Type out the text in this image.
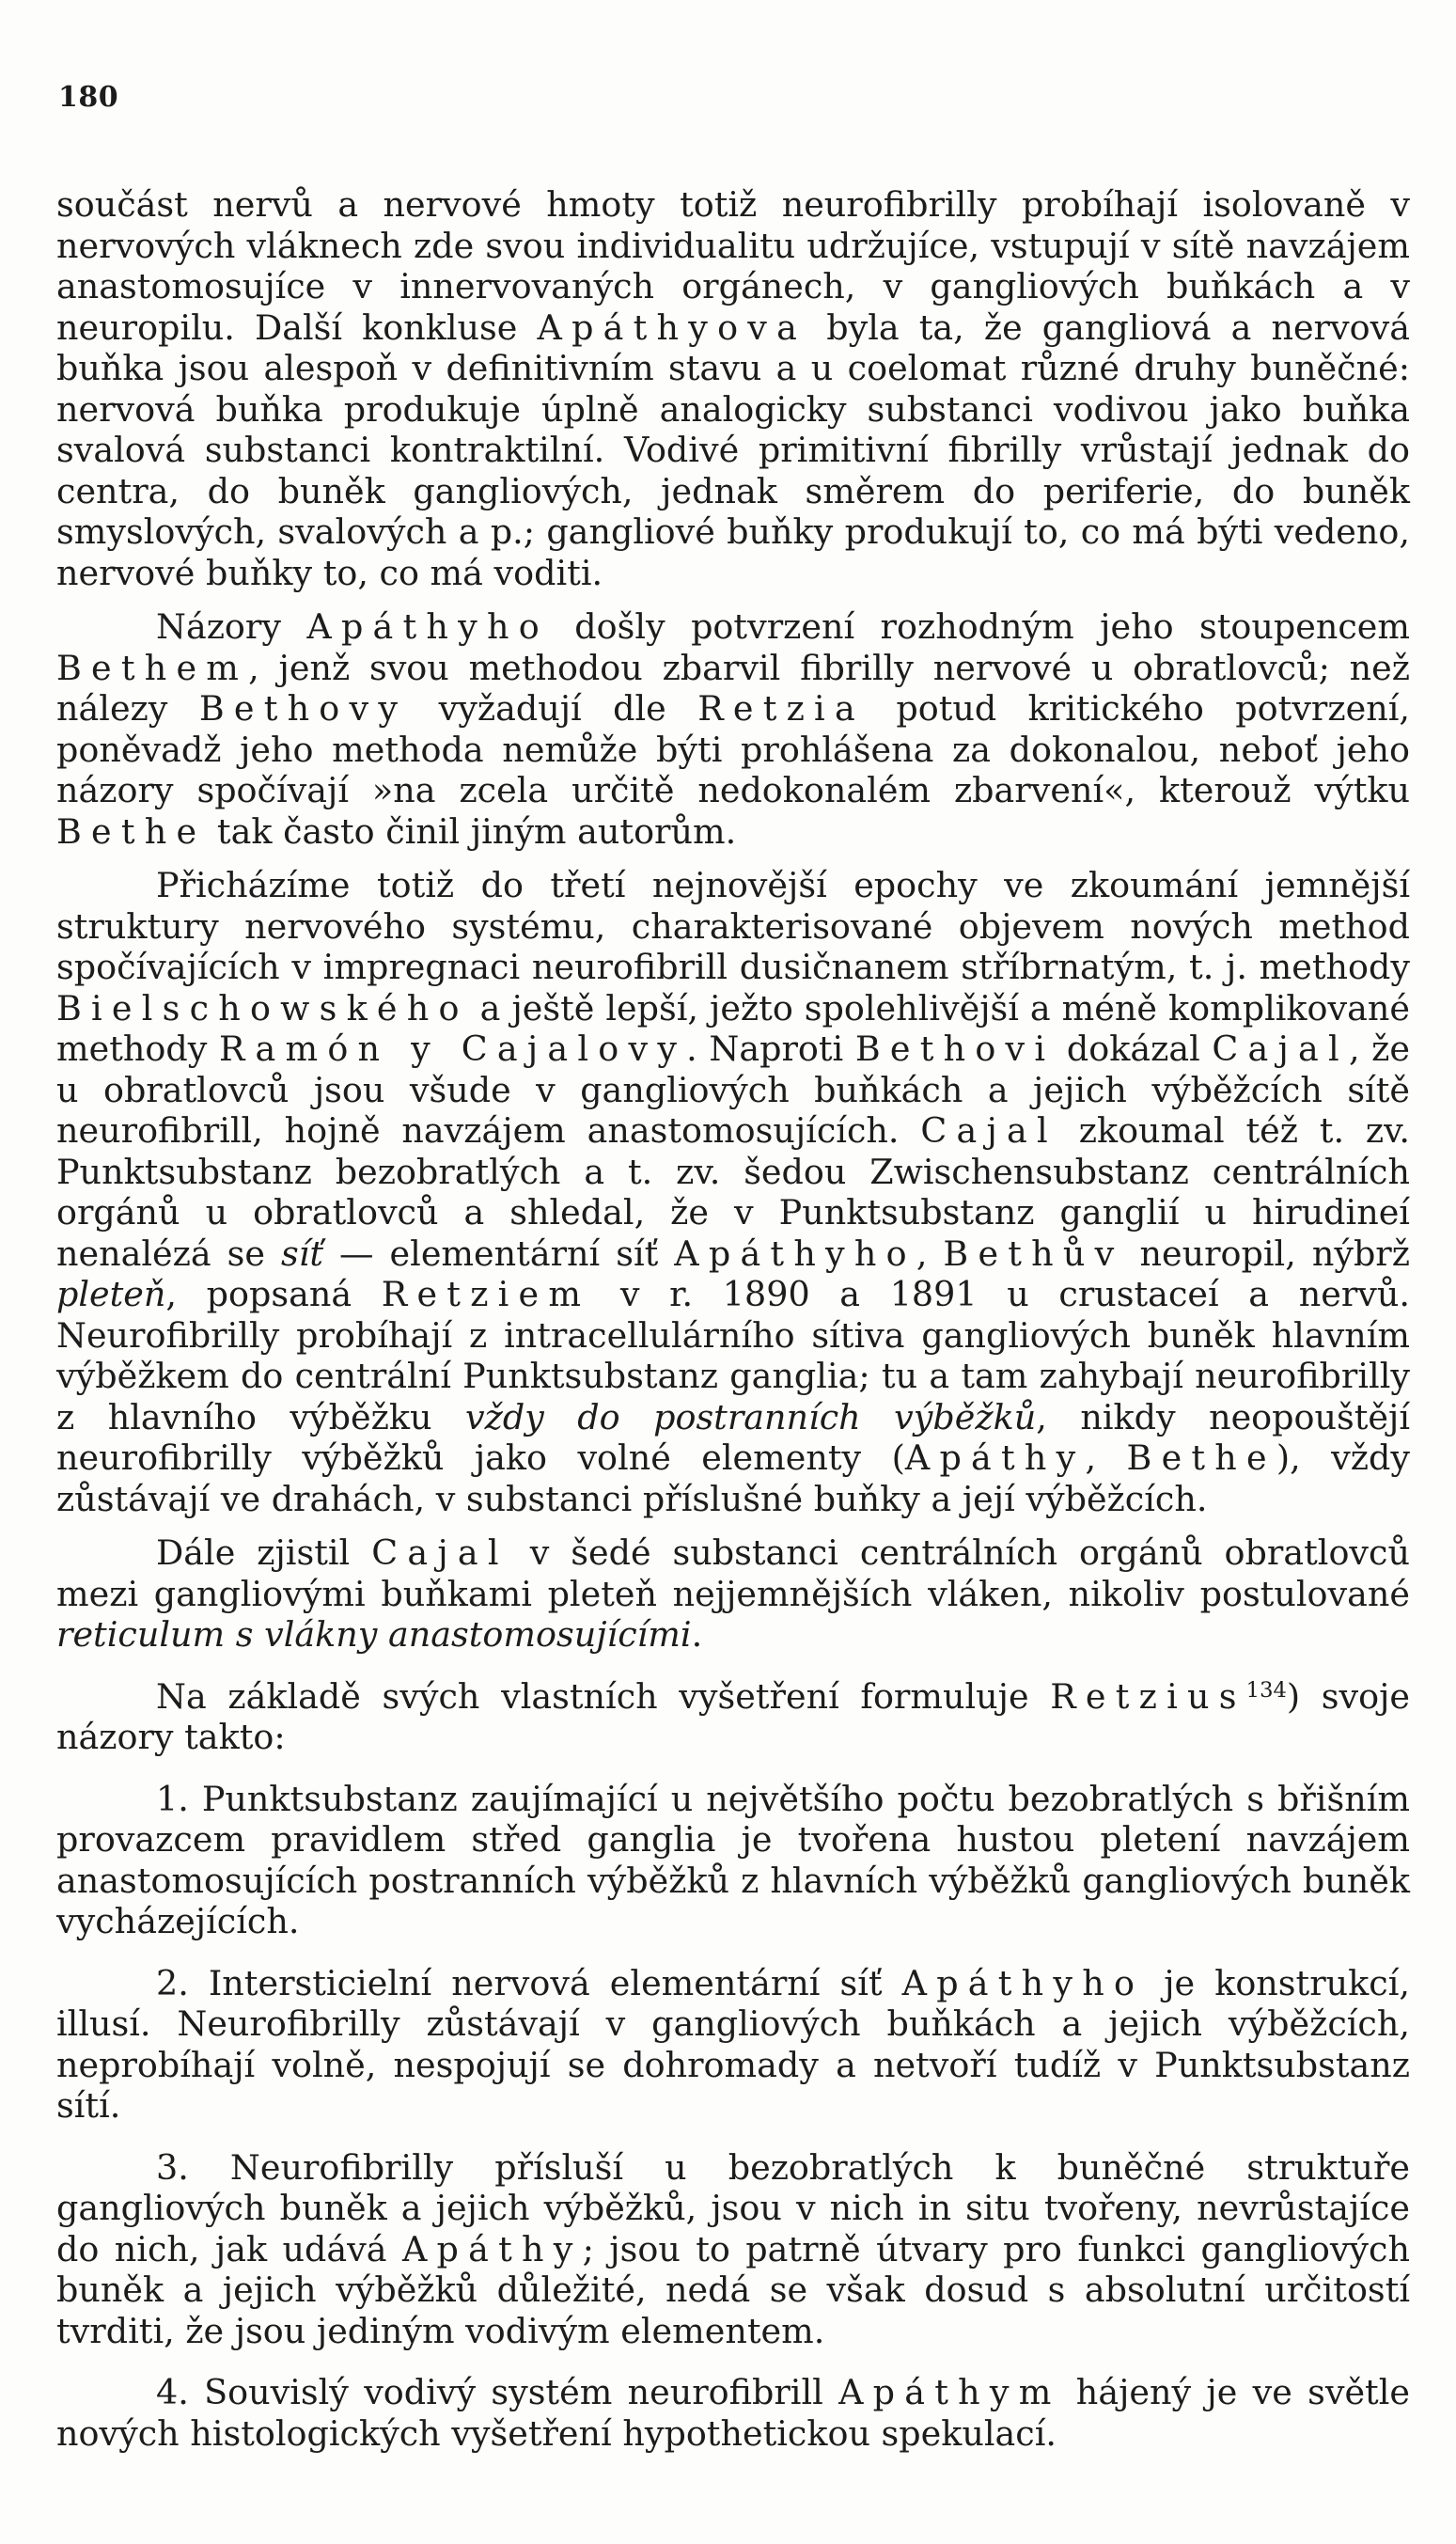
180

součást nervů a nervové hmoty totiž neurofibrilly probíhají isolovaně v nervových vláknech zde svou individualitu udržujíce, vstupují v sítě navzájem anastomosujíce v innervovaných orgánech, v gangliových buňkách a v neuropilu. Další konkluse Apáthyova byla ta, že gangliová a nervová buňka jsou alespoň v definitivním stavu a u coelomat různé druhy buněčné: nervová buňka produkuje úplně analogicky substanci vodivou jako buňka svalová substanci kontraktilní. Vodivé primitivní fibrilly vrůstají jednak do centra, do buněk gangliových, jednak směrem do periferie, do buněk smyslových, svalových a p.; gangliové buňky produkují to, co má býti vedeno, nervové buňky to, co má voditi.

Názory Apáthyho došly potvrzení rozhodným jeho stoupencem Bethem, jenž svou methodou zbarvil fibrilly nervové u obratlovců; než nálezy Bethovy vyžadují dle Retzia potud kritického potvrzení, poněvadž jeho methoda nemůže býti prohlášena za dokonalou, neboť jeho názory spočívají »na zcela určitě nedokonalém zbarvení«, kterouž výtku Bethe tak často činil jiným autorům.

Přicházíme totiž do třetí nejnovější epochy ve zkoumání jemnější struktury nervového systému, charakterisované objevem nových method spočívajících v impregnaci neurofibrill dusičnanem stříbrnatým, t. j. methody Bielschowského a ještě lepší, ježto spolehlivější a méně komplikované methody Ramón y Cajalovy. Naproti Bethovi dokázal Cajal, že u obratlovců jsou všude v gangliových buňkách a jejich výběžcích sítě neurofibrill, hojně navzájem anastomosujících. Cajal zkoumal též t. zv. Punktsubstanz bezobratlých a t. zv. šedou Zwischensubstanz centrálních orgánů u obratlovců a shledal, že v Punktsubstanz ganglií u hirudineí nenalézá se síť — elementární síť Apáthyho, Bethův neuropil, nýbrž pleteň, popsaná Retziem v r. 1890 a 1891 u crustaceí a nervů. Neurofibrilly probíhají z intracellulárního sítiva gangliových buněk hlavním výběžkem do centrální Punktsubstanz ganglia; tu a tam zahybají neurofibrilly z hlavního výběžku vždy do postranních výběžků, nikdy neopouštějí neurofibrilly výběžků jako volné elementy (Apáthy, Bethe), vždy zůstávají ve drahách, v substanci příslušné buňky a její výběžcích.

Dále zjistil Cajal v šedé substanci centrálních orgánů obratlovců mezi gangliovými buňkami pleteň nejjemnějších vláken, nikoliv postulované reticulum s vlákny anastomosujícími.

Na základě svých vlastních vyšetření formuluje Retzius$^{134}$) svoje názory takto:

1. Punktsubstanz zaujímající u největšího počtu bezobratlých s břišním provazcem pravidlem střed ganglia je tvořena hustou pletení navzájem anastomosujících postranních výběžků z hlavních výběžků gangliových buněk vycházejících.

2. Intersticielní nervová elementární síť Apáthyho je konstrukcí, illusí. Neurofibrilly zůstávají v gangliových buňkách a jejich výběžcích, neprobíhají volně, nespojují se dohromady a netvoří tudíž v Punktsubstanz sítí.

3. Neurofibrilly přísluší u bezobratlých k buněčné struktuře gangliových buněk a jejich výběžků, jsou v nich in situ tvořeny, nevrůstajíce do nich, jak udává Apáthy; jsou to patrně útvary pro funkci gangliových buněk a jejich výběžků důležité, nedá se však dosud s absolutní určitostí tvrditi, že jsou jediným vodivým elementem.

4. Souvislý vodivý systém neurofibrill Apáthym hájený je ve světle nových histologických vyšetření hypothetickou spekulací.
